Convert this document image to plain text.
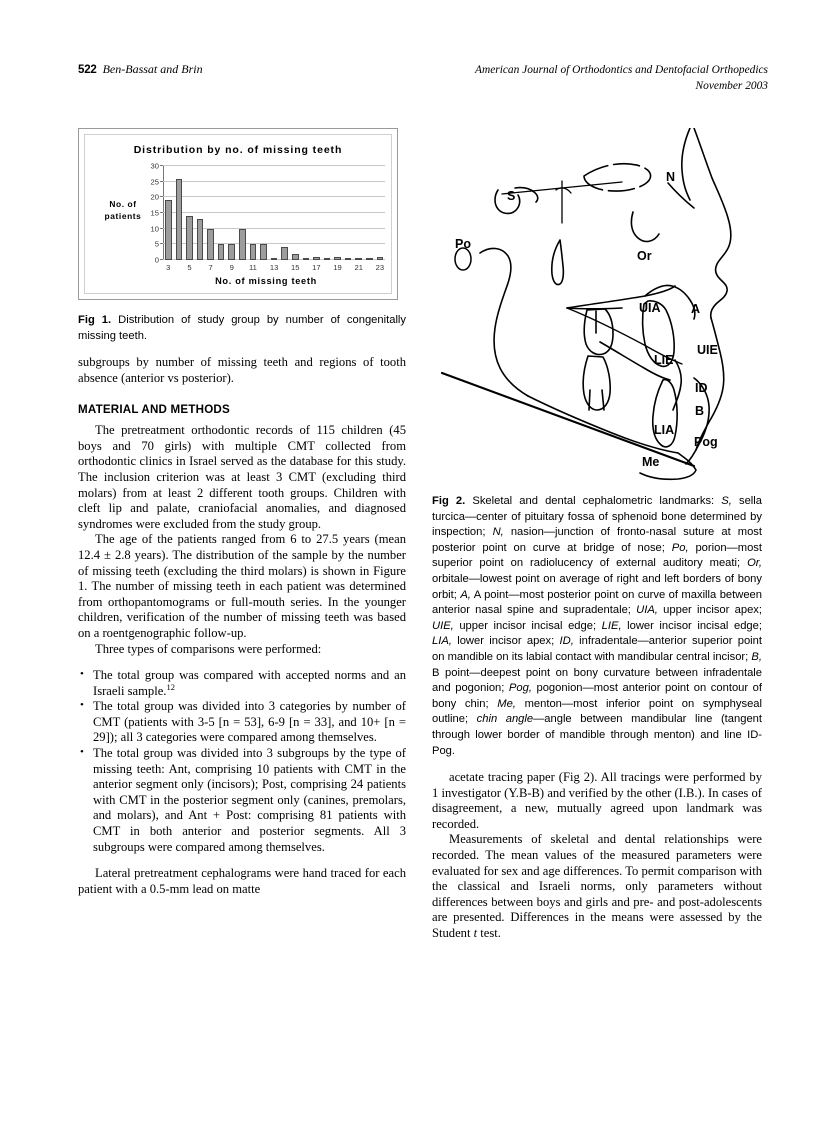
522 Ben-Bassat and Brin	American Journal of Orthodontics and Dentofacial Orthopedics
November 2003
Distribution by no. of missing teeth
No. of patients
0
5
10
15
20
25
30
3
	5
	7
	9
	11
13
15
17
19
21
23
No. of missing teeth
Fig 1. Distribution of study group by number of congenitally missing teeth.

subgroups by number of missing teeth and regions of tooth absence (anterior vs posterior).

MATERIAL AND METHODS

The pretreatment orthodontic records of 115 children (45 boys and 70 girls) with multiple CMT collected from orthodontic clinics in Israel served as the database for this study. The inclusion criterion was at least 3 CMT (excluding third molars) from at least 2 different tooth groups. Children with cleft lip and palate, craniofacial anomalies, and diagnosed syndromes were excluded from the study group.

The age of the patients ranged from 6 to 27.5 years (mean 12.4 ± 2.8 years). The distribution of the sample by the number of missing teeth (excluding the third molars) is shown in Figure 1. The number of missing teeth in each patient was determined from orthopantomograms or full-mouth series. In the younger children, verification of the number of missing teeth was based on a roentgenographic follow-up.

Three types of comparisons were performed:

• The total group was compared with accepted norms and an Israeli sample.$^{12}$
• The total group was divided into 3 categories by number of CMT (patients with 3-5 [n = 53], 6-9 [n = 33], and 10+ [n = 29]); all 3 categories were compared among themselves.
• The total group was divided into 3 subgroups by the type of missing teeth: Ant, comprising 10 patients with CMT in the anterior segment only (incisors); Post, comprising 24 patients with CMT in the posterior segment only (canines, premolars, and molars), and Ant + Post: comprising 81 patients with CMT in both anterior and posterior segments. All 3 subgroups were compared among themselves.

Lateral pretreatment cephalograms were hand traced for each patient with a 0.5-mm lead on matte

S
N
Po
Or
A
UIA
UIE
LIE
ID
B
LIA
Pog
Me
Fig 2. Skeletal and dental cephalometric landmarks: S, sella turcica—center of pituitary fossa of sphenoid bone determined by inspection; N, nasion—junction of fronto-nasal suture at most posterior point on curve at bridge of nose; Po, porion—most superior point on radiolucency of external auditory meati; Or, orbitale—lowest point on average of right and left borders of bony orbit; A, A point—most posterior point on curve of maxilla between anterior nasal spine and supradentale; UIA, upper incisor apex; UIE, upper incisor incisal edge; LIE, lower incisor incisal edge; LIA, lower incisor apex; ID, infradentale—anterior superior point on mandible on its labial contact with mandibular central incisor; B, B point—deepest point on bony curvature between infradentale and pogonion; Pog, pogonion—most anterior point on contour of bony chin; Me, menton—most inferior point on symphyseal outline; chin angle—angle between mandibular line (tangent through lower border of mandible through menton) and line ID-Pog.

acetate tracing paper (Fig 2). All tracings were performed by 1 investigator (Y.B-B) and verified by the other (I.B.). In cases of disagreement, a new, mutually agreed upon landmark was recorded.

Measurements of skeletal and dental relationships were recorded. The mean values of the measured parameters were evaluated for sex and age differences. To permit comparison with the classical and Israeli norms, only parameters without differences between boys and girls and pre- and post-adolescents are presented. Differences in the means were assessed by the Student t test.
